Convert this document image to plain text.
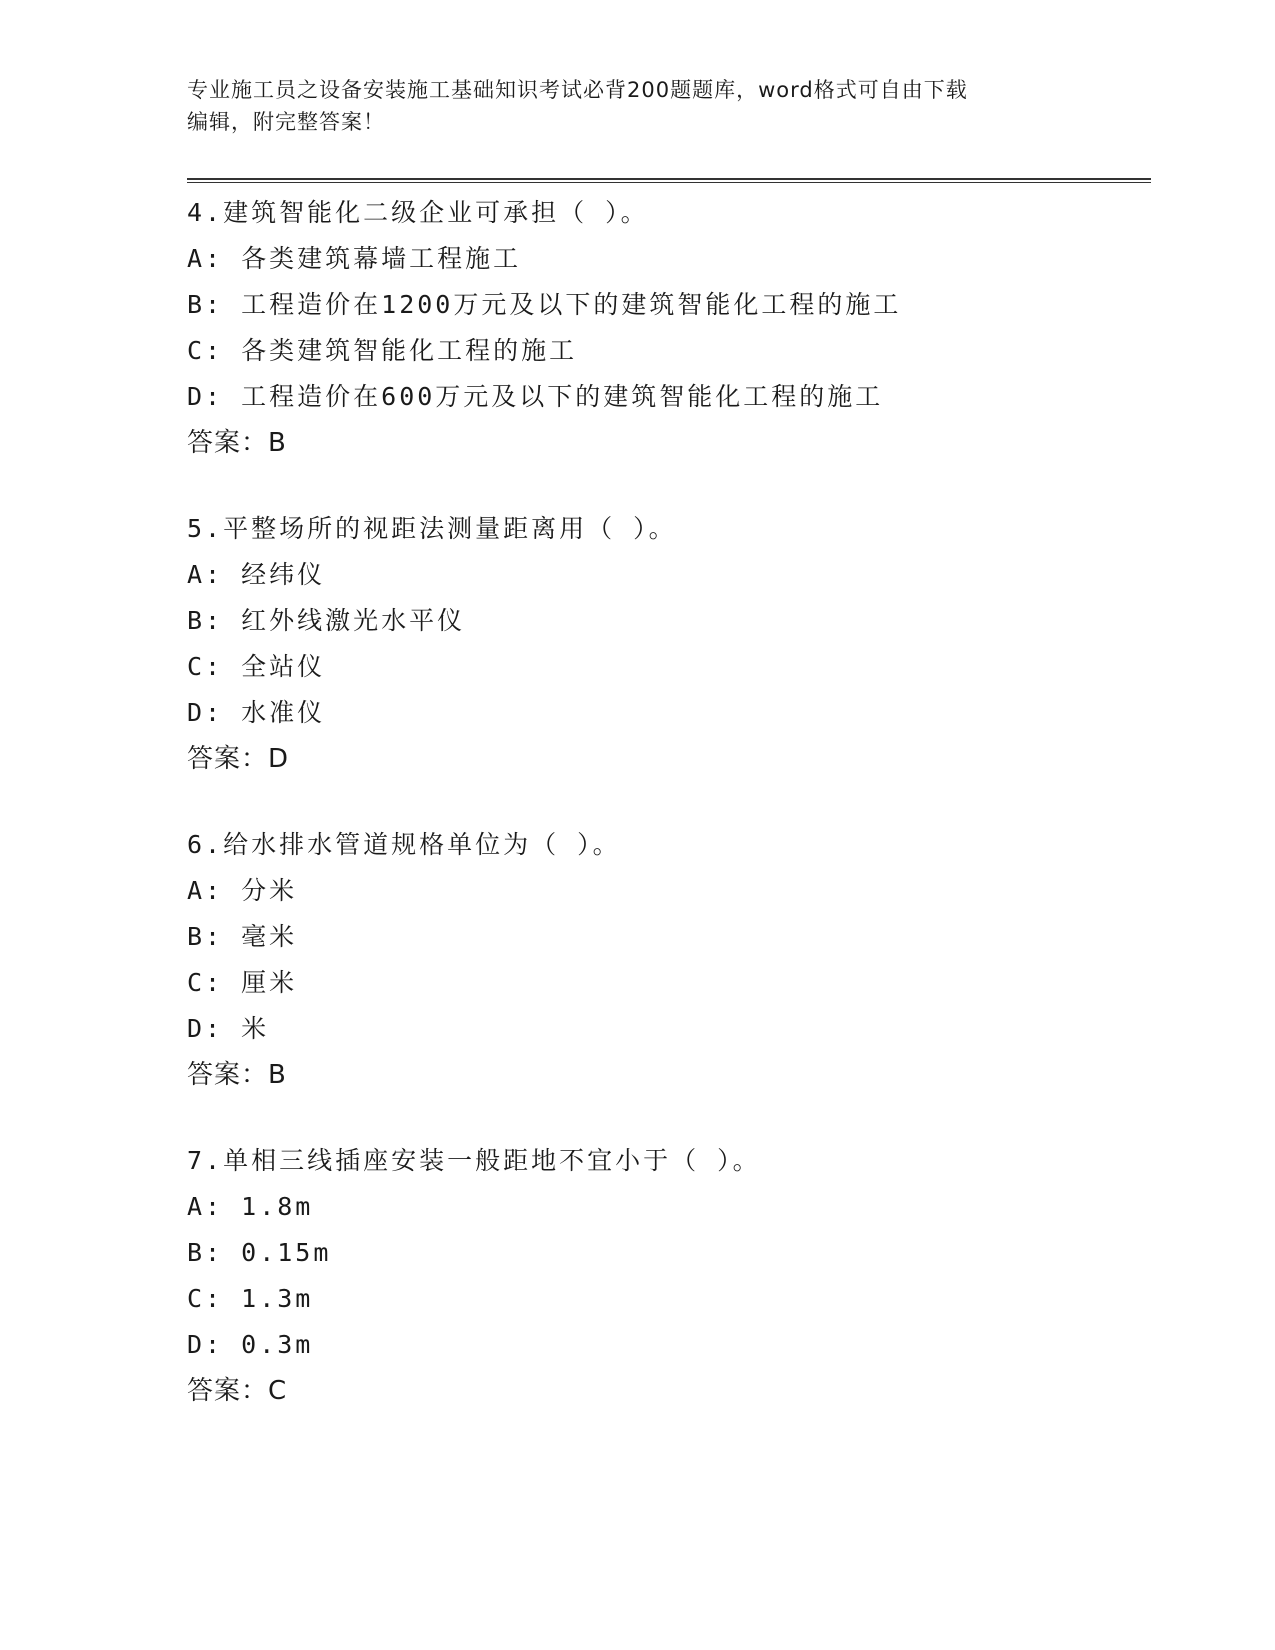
专业施工员之设备安装施工基础知识考试必背200题题库，word格式可自由下载
编辑，附完整答案！
4.建筑智能化二级企业可承担（ ）。
A: 各类建筑幕墙工程施工
B: 工程造价在1200万元及以下的建筑智能化工程的施工
C: 各类建筑智能化工程的施工
D: 工程造价在600万元及以下的建筑智能化工程的施工
答案：B
5.平整场所的视距法测量距离用（ ）。
A: 经纬仪
B: 红外线激光水平仪
C: 全站仪
D: 水准仪
答案：D
6.给水排水管道规格单位为（ ）。
A: 分米
B: 毫米
C: 厘米
D: 米
答案：B
7.单相三线插座安装一般距地不宜小于（ ）。
A: 1.8m
B: 0.15m
C: 1.3m
D: 0.3m
答案：C
